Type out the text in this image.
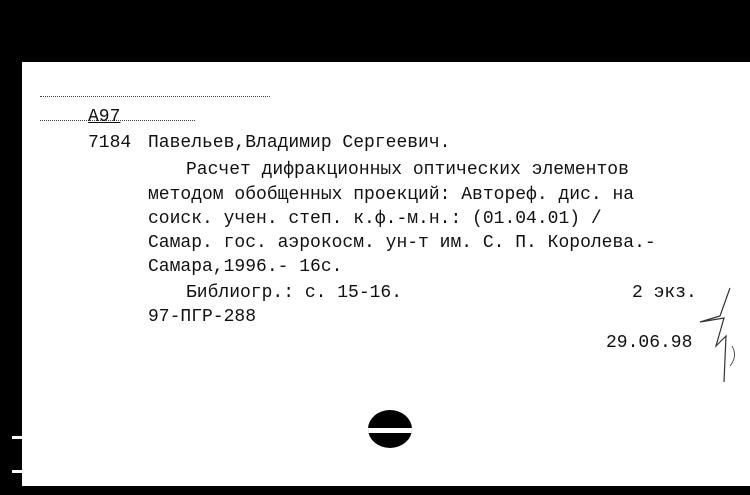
A97
7184 Павельев,Владимир Сергеевич.
Расчет дифракционных оптических элементов
методом обобщенных проекций: Автореф. дис. на
соиск. учен. степ. к.ф.-м.н.: (01.04.01) /
Самар. гос. аэрокосм. ун-т им. С. П. Королева.-
Самара,1996.- 16с.
Библиогр.: с. 15-16.	2 экз.
97-ПГР-288
29.06.98
